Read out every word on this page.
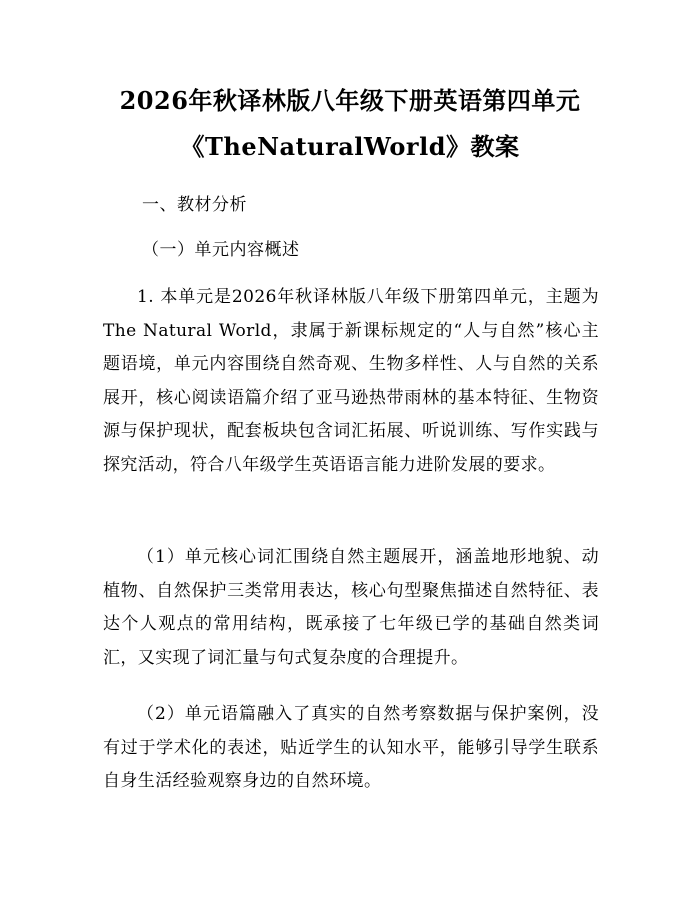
2026年秋译林版八年级下册英语第四单元
《TheNaturalWorld》教案
一、教材分析
（一）单元内容概述

1. 本单元是2026年秋译林版八年级下册第四单元，主题为The Natural World，隶属于新课标规定的“人与自然”核心主题语境，单元内容围绕自然奇观、生物多样性、人与自然的关系展开，核心阅读语篇介绍了亚马逊热带雨林的基本特征、生物资源与保护现状，配套板块包含词汇拓展、听说训练、写作实践与探究活动，符合八年级学生英语语言能力进阶发展的要求。

（1）单元核心词汇围绕自然主题展开，涵盖地形地貌、动植物、自然保护三类常用表达，核心句型聚焦描述自然特征、表达个人观点的常用结构，既承接了七年级已学的基础自然类词汇，又实现了词汇量与句式复杂度的合理提升。

（2）单元语篇融入了真实的自然考察数据与保护案例，没有过于学术化的表述，贴近学生的认知水平，能够引导学生联系自身生活经验观察身边的自然环境。
